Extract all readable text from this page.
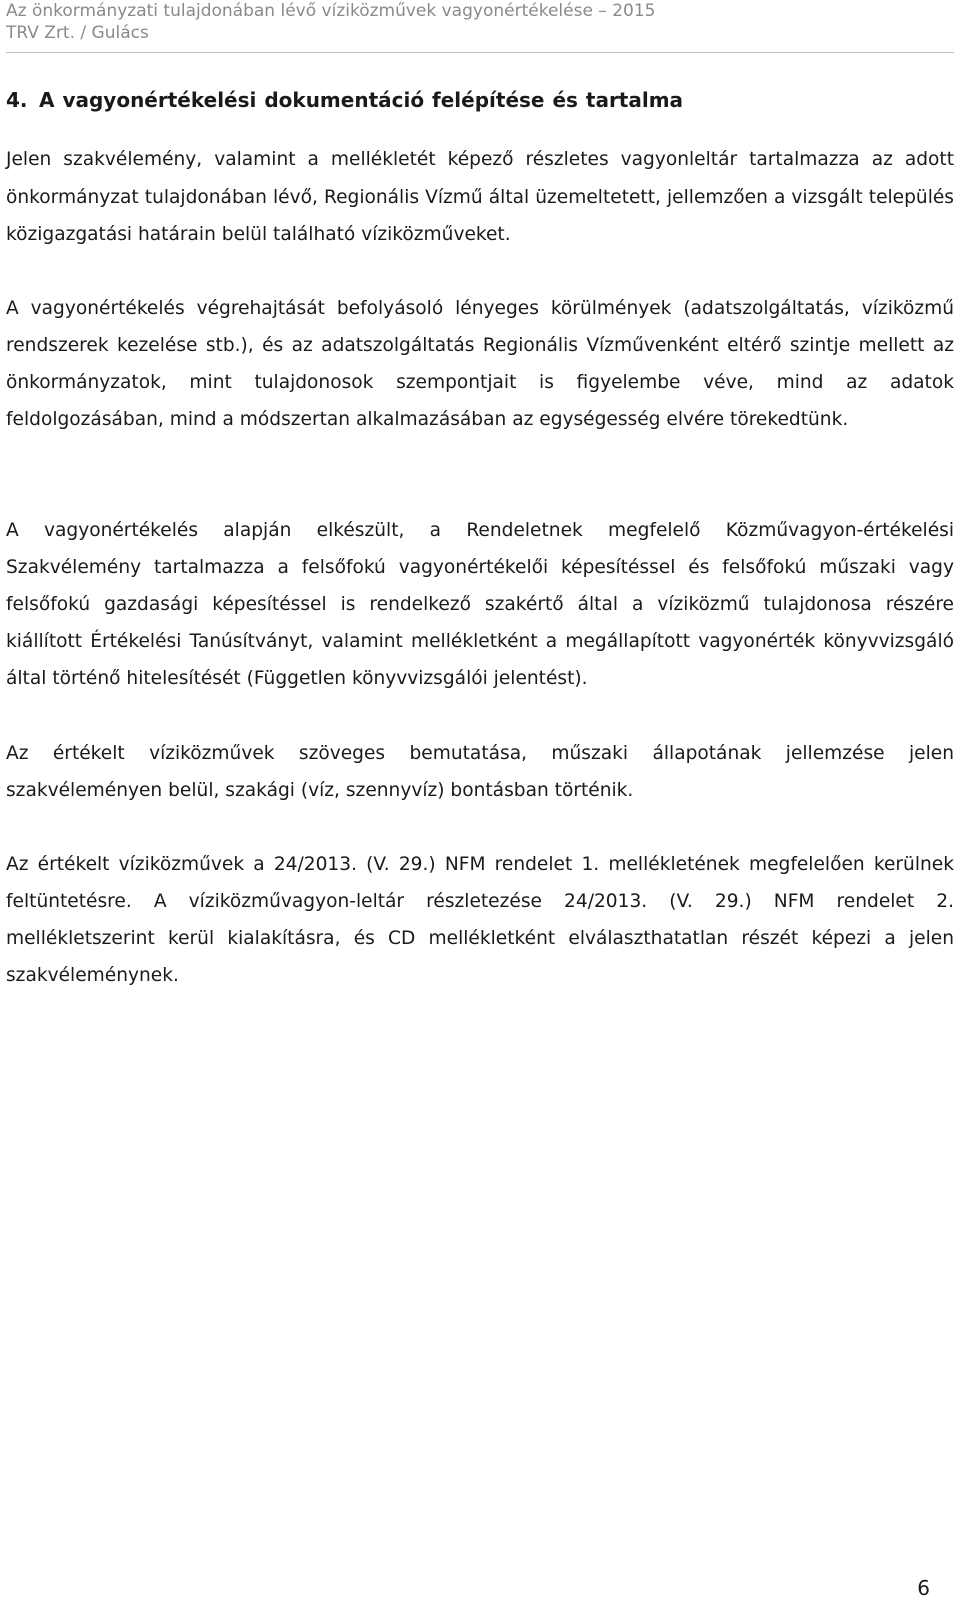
Az önkormányzati tulajdonában lévő víziközművek vagyonértékelése – 2015
TRV Zrt. / Gulács
4. A vagyonértékelési dokumentáció felépítése és tartalma

Jelen szakvélemény, valamint a mellékletét képező részletes vagyonleltár tartalmazza az adott önkormányzat tulajdonában lévő, Regionális Vízmű által üzemeltetett, jellemzően a vizsgált település közigazgatási határain belül található víziközműveket.

A vagyonértékelés végrehajtását befolyásoló lényeges körülmények (adatszolgáltatás, víziközmű rendszerek kezelése stb.), és az adatszolgáltatás Regionális Vízművenként eltérő szintje mellett az önkormányzatok, mint tulajdonosok szempontjait is figyelembe véve, mind az adatok feldolgozásában, mind a módszertan alkalmazásában az egységesség elvére törekedtünk.

A vagyonértékelés alapján elkészült, a Rendeletnek megfelelő Közművagyon-értékelési Szakvélemény tartalmazza a felsőfokú vagyonértékelői képesítéssel és felsőfokú műszaki vagy felsőfokú gazdasági képesítéssel is rendelkező szakértő által a víziközmű tulajdonosa részére kiállított Értékelési Tanúsítványt, valamint mellékletként a megállapított vagyonérték könyvvizsgáló által történő hitelesítését (Független könyvvizsgálói jelentést).

Az értékelt víziközművek szöveges bemutatása, műszaki állapotának jellemzése jelen szakvéleményen belül, szakági (víz, szennyvíz) bontásban történik.

Az értékelt víziközművek a 24/2013. (V. 29.) NFM rendelet 1. mellékletének megfelelően kerülnek feltüntetésre. A víziközművagyon-leltár részletezése 24/2013. (V. 29.) NFM rendelet 2. mellékletszerint kerül kialakításra, és CD mellékletként elválaszthatatlan részét képezi a jelen szakvéleménynek.

6
